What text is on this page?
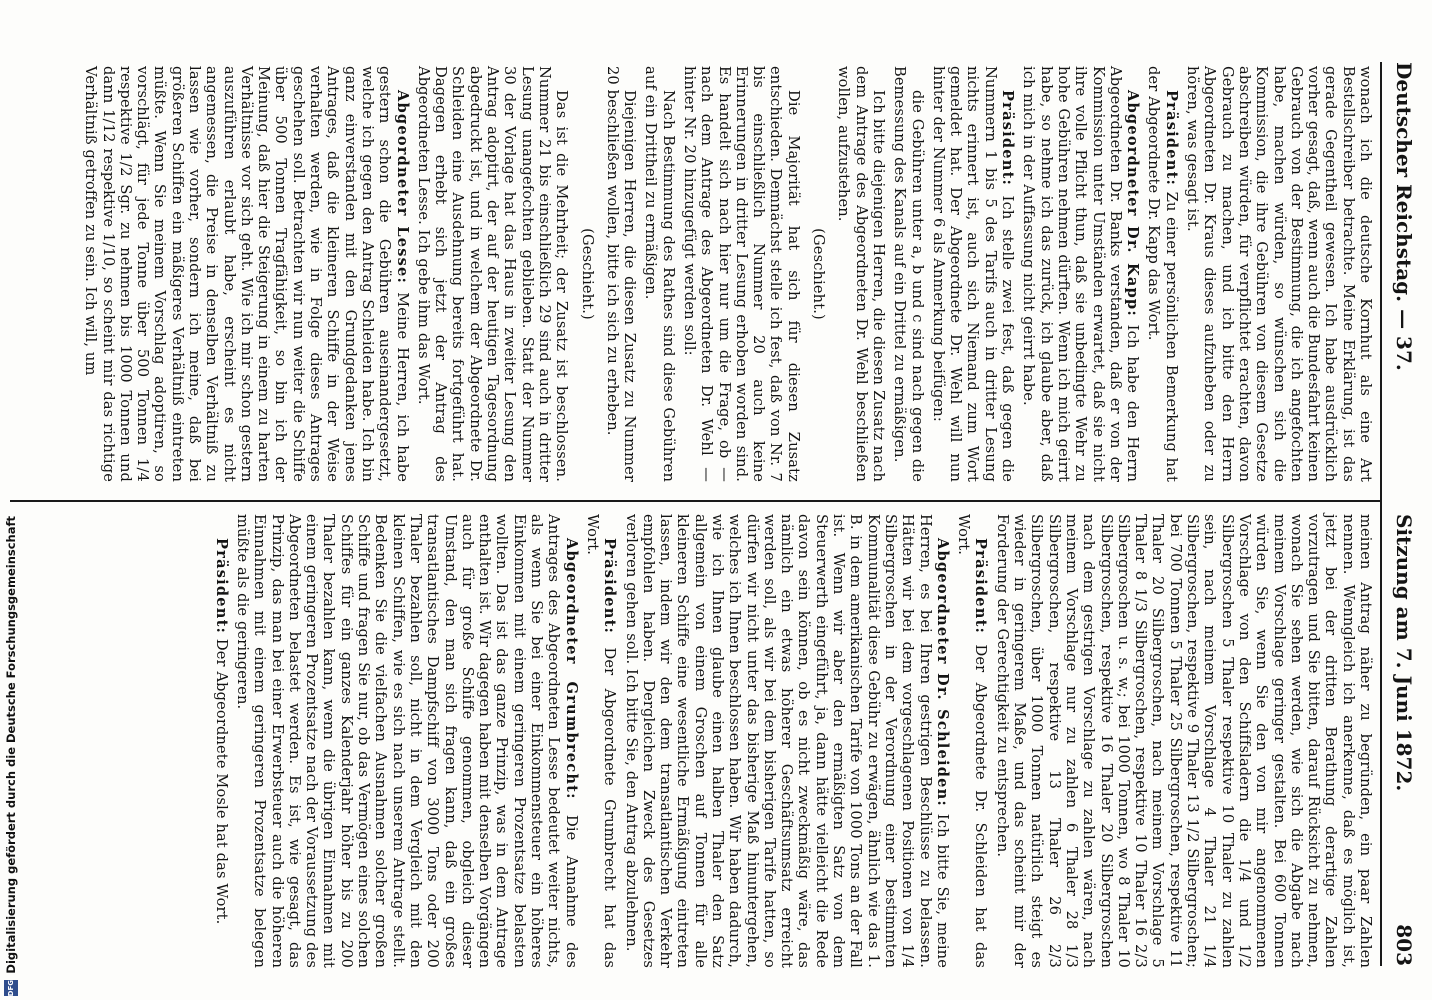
Deutscher Reichstag. — 37.
Sitzung am 7. Juni 1872.
803

wonach ich die deutsche Kornhut als eine Art Bestellschreiber betrachte. Meine Erklärung, ist das gerade Gegentheil gewesen. Ich habe ausdrücklich vorher gesagt, daß, wenn auch die Bundesfahrt keinen Gebrauch von der Bestimmung, die ich angefochten habe, machen würden, so wünschen sich die Kommission, die ihre Gebühren von diesem Gesetze abschreiben würden, für verpflichtet erachten, davon Gebrauch zu machen, und ich bitte den Herrn Abgeordneten Dr. Kraus dieses aufzuheben oder zu hören, was gesagt ist.

Präsident: Zu einer persönlichen Bemerkung hat der Abgeordnete Dr. Kapp das Wort.

Abgeordneter Dr. Kapp: Ich habe den Herrn Abgeordneten Dr. Banks verstanden, daß er von der Kommission unter Umständen erwartet, daß sie nicht ihre volle Pflicht thun, daß sie unbedingte Wehr zu hohe Gebühren nehmen dürften. Wenn ich mich geirrt habe, so nehme ich das zurück, ich glaube aber, daß ich mich in der Auffassung nicht geirrt habe.

Präsident: Ich stelle zwei fest, daß gegen die Nummern 1 bis 5 des Tarifs auch in dritter Lesung nichts erinnert ist, auch sich Niemand zum Wort gemeldet hat. Der Abgeordnete Dr. Wehl will nun hinter der Nummer 6 als Anmerkung beifügen:

die Gebühren unter a, b und c sind nach gegen die Bemessung des Kanals auf ein Drittel zu ermäßigen.

Ich bitte diejenigen Herren, die diesen Zusatz nach dem Antrage des Abgeordneten Dr. Wehl beschließen wollen, aufzustehen.

(Geschieht.)

Die Majorität hat sich für diesen Zusatz entschieden. Demnächst stelle ich fest, daß von Nr. 7 bis einschließlich Nummer 20 auch keine Erinnerungen in dritter Lesung erhoben worden sind. Es handelt sich nach hier nur um die Frage, ob — nach dem Antrage des Abgeordneten Dr. Wehl — hinter Nr. 20 hinzugefügt werden soll:

Nach Bestimmung des Rathes sind diese Gebühren auf ein Drittheil zu ermäßigen.

Diejenigen Herren, die diesen Zusatz zu Nummer 20 beschließen wollen, bitte ich sich zu erheben.

(Geschieht.)

Das ist die Mehrheit; der Zusatz ist beschlossen. Nummer 21 bis einschließlich 29 sind auch in dritter Lesung unangefochten geblieben. Statt der Nummer 30 der Vorlage hat das Haus in zweiter Lesung den Antrag adoptirt, der auf der heutigen Tagesordnung abgedruckt ist, und in welchem der Abgeordnete Dr. Schleiden eine Ausdehnung bereits fortgeführt hat. Dagegen erhebt sich jetzt der Antrag des Abgeordneten Lesse. Ich gebe ihm das Wort.

Abgeordneter Lesse: Meine Herren, ich habe gestern schon die Gebühren auseinandergesetzt, welche ich gegen den Antrag Schleiden habe. Ich bin ganz einverstanden mit den Grundgedanken jenes Antrages, daß die kleineren Schiffe in der Weise verhalten werden, wie in Folge dieses Antrages geschehen soll. Betrachten wir nun weiter die Schiffe über 500 Tonnen Tragfähigkeit, so bin ich der Meinung, daß hier die Steigerung in einem zu harten Verhältnisse vor sich geht. Wie ich mir schon gestern auszuführen erlaubt habe, erscheint es nicht angemessen, die Preise in denselben Verhältniß zu lassen wie vorher, sondern ich meine, daß bei größeren Schiffen ein mäßigeres Verhältniß eintreten müßte. Wenn Sie meinem Vorschlag adoptiren, so vorschlägt, für jede Tonne über 500 Tonnen 1/4 respektive 1/2 Sgr. zu nehmen bis 1000 Tonnen und dann 1/12 respektive 1/10, so scheint mir das richtige Verhältniß getroffen zu sein. Ich will, um

meinen Antrag näher zu begründen, ein paar Zahlen nennen. Wenngleich ich anerkenne, daß es möglich ist, jetzt bei der dritten Berathung derartige Zahlen vorzutragen und Sie bitten, darauf Rücksicht zu nehmen, wonach Sie sehen werden, wie sich die Abgabe nach meinem Vorschlage geringer gestalten. Bei 600 Tonnen würden Sie, wenn Sie den von mir angenommenen Vorschlage von den Schiffsladern die 1/4 und 1/2 Silbergroschen 5 Thaler respektive 10 Thaler zu zahlen sein, nach meinem Vorschlage 4 Thaler 21 1/4 Silbergroschen, respektive 9 Thaler 13 1/2 Silbergroschen; bei 700 Tonnen 5 Thaler 25 Silbergroschen, respektive 11 Thaler 20 Silbergroschen, nach meinem Vorschlage 5 Thaler 8 1/3 Silbergroschen, respektive 10 Thaler 16 2/3 Silbergroschen u. s. w.; bei 1000 Tonnen, wo 8 Thaler 10 Silbergroschen, respektive 16 Thaler 20 Silbergroschen nach dem gestrigen Vorschlage zu zahlen wären, nach meinem Vorschlage nur zu zahlen 6 Thaler 28 1/3 Silbergroschen, respektive 13 Thaler 26 2/3 Silbergroschen, über 1000 Tonnen natürlich steigt es wieder in geringerem Maße, und das scheint mir der Forderung der Gerechtigkeit zu entsprechen.

Präsident: Der Abgeordnete Dr. Schleiden hat das Wort.

Abgeordneter Dr. Schleiden: Ich bitte Sie, meine Herren, es bei Ihren gestrigen Beschlüsse zu belassen. Hätten wir bei dem vorgeschlagenen Positionen von 1/4 Silbergroschen in der Verordnung einer bestimmten Kommunalität diese Gebühr zu erwägen, ähnlich wie das 1. B. in dem amerikanischen Tarife von 1000 Tons an der Fall ist. Wenn wir aber den ermäßigten Satz von dem Steuerwerth eingeführt, ja, dann hätte vielleicht die Rede davon sein können, ob es nicht zweckmäßig wäre, das nämlich ein etwas höherer Geschäftsumsatz erreicht werden soll, als wir bei dem bisherigen Tarife hatten, so dürfen wir nicht unter das bisherige Maß hinuntergehen, welches ich Ihnen beschlossen haben. Wir haben dadurch, wie ich Ihnen glaube einen halben Thaler den Satz allgemein von einem Groschen auf Tonnen für alle kleineren Schiffe eine wesentliche Ermäßigung eintreten lassen, indem wir den dem transatlantischen Verkehr empfohlen haben. Dergleichen Zweck des Gesetzes verloren gehen soll. Ich bitte Sie, den Antrag abzulehnen.

Präsident: Der Abgeordnete Grumbrecht hat das Wort.

Abgeordneter Grumbrecht: Die Annahme des Antrages des Abgeordneten Lesse bedeutet weiter nichts, als wenn Sie bei einer Einkommensteuer ein höheres Einkommen mit einem geringeren Prozentsatze belasten wollten. Das ist das ganze Prinzip, was in dem Antrage enthalten ist. Wir dagegen haben mit denselben Vorgängen auch für große Schiffe genommen, obgleich dieser Umstand, den man sich fragen kann, daß ein großes transatlantisches Dampfschiff von 3000 Tons oder 200 Thaler bezahlen soll, nicht in dem Vergleich mit den kleinen Schiffen, wie es sich nach unserem Antrage stellt. Bedenken Sie die vielfachen Ausnahmen solcher großen Schiffe und fragen Sie nur, ob das Vermögen eines solchen Schiffes für ein ganzes Kalenderjahr höher bis zu 200 Thaler bezahlen kann, wenn die übrigen Einnahmen mit einem geringeren Prozentsatze nach der Voraussetzung des Abgeordneten belastet werden. Es ist, wie gesagt, das Prinzip, das man bei einer Erwerbsteuer auch die höheren Einnahmen mit einem geringeren Prozentsatze belegen müßte als die geringeren.

Präsident: Der Abgeordnete Mosle hat das Wort.

Digitalisierung gefördert durch die Deutsche Forschungsgemeinschaft
DFG
